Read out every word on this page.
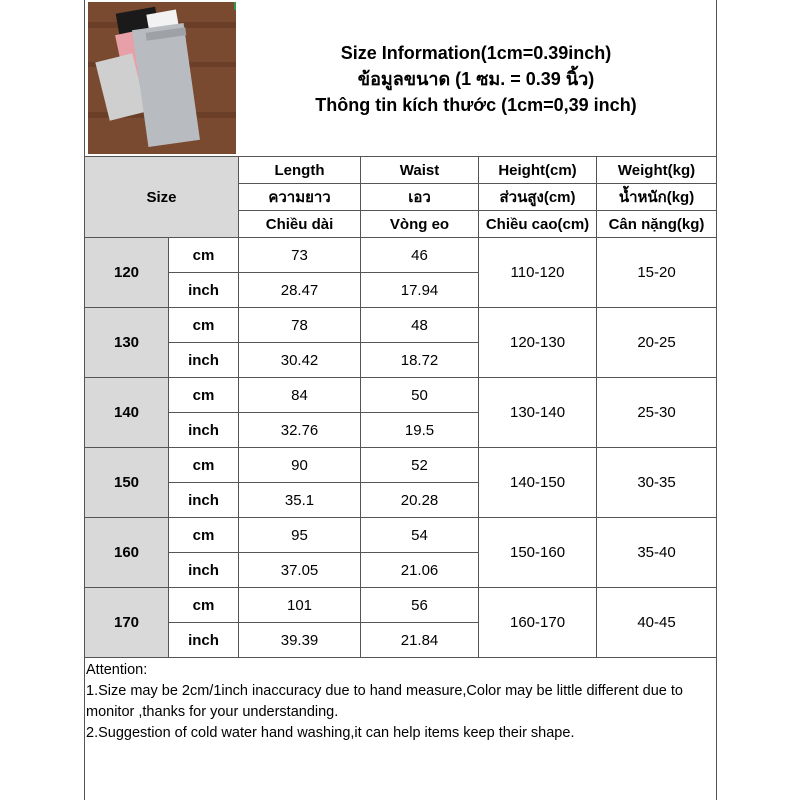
Size Information(1cm=0.39inch)
ข้อมูลขนาด (1 ซม. = 0.39 นิ้ว)
Thông tin kích thước (1cm=0,39 inch)
Size		Length	Waist	Height(cm)	Weight(kg)
		ความยาว	เอว	ส่วนสูง(cm)	น้ำหนัก(kg)
		Chiều dài	Vòng eo	Chiều cao(cm)	Cân nặng(kg)
120	cm	73	46	110-120	15-20
	inch	28.47	17.94		
130	cm	78	48	120-130	20-25
	inch	30.42	18.72		
140	cm	84	50	130-140	25-30
	inch	32.76	19.5		
150	cm	90	52	140-150	30-35
	inch	35.1	20.28		
160	cm	95	54	150-160	35-40
	inch	37.05	21.06		
170	cm	101	56	160-170	40-45
	inch	39.39	21.84		
Attention:
1.Size may be 2cm/1inch inaccuracy due to hand measure,Color may be little different due to monitor ,thanks for your understanding.
2.Suggestion of cold water hand washing,it can help items keep their shape.
